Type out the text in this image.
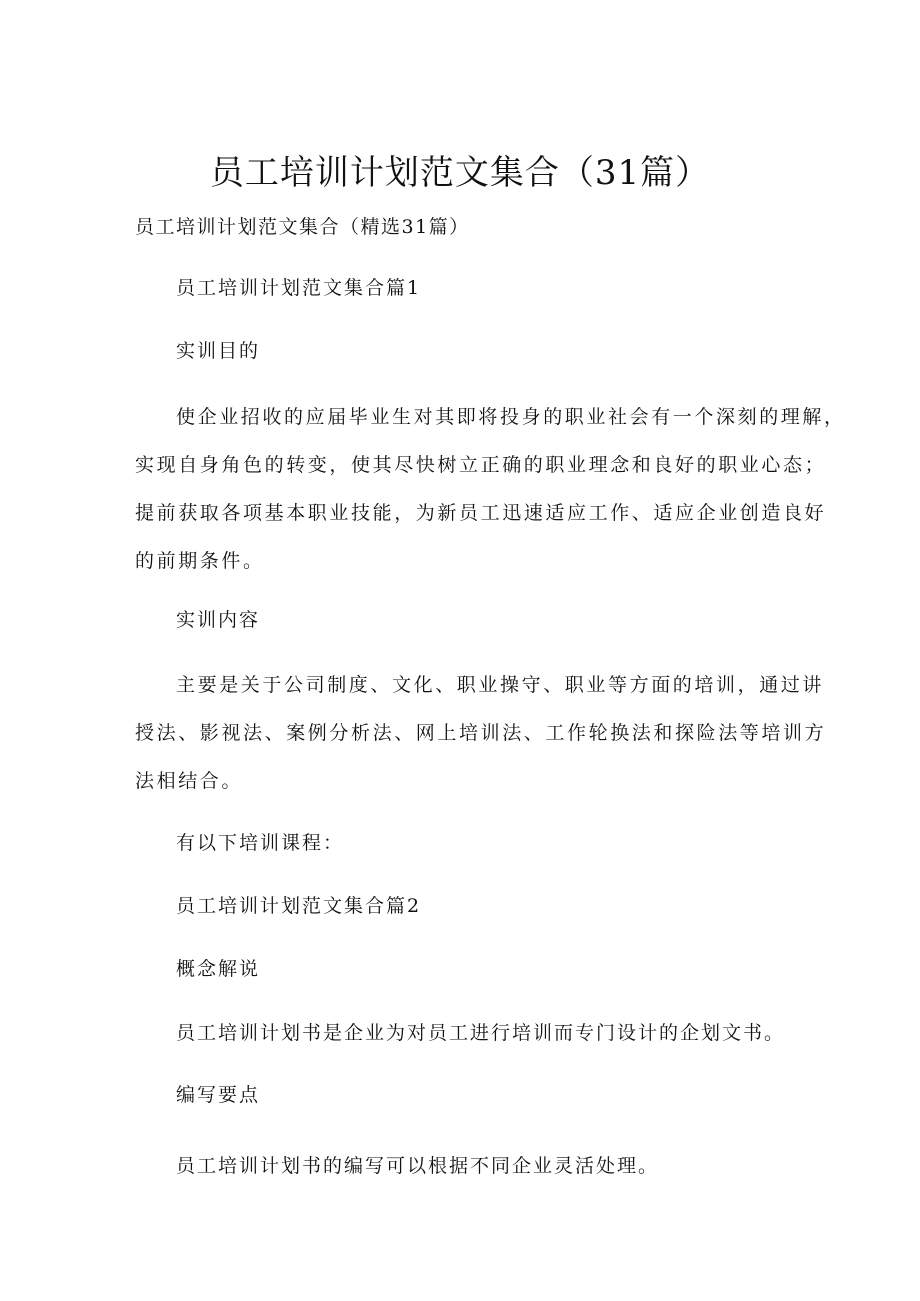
员工培训计划范文集合（31篇）

员工培训计划范文集合（精选31篇）

员工培训计划范文集合篇1

实训目的

使企业招收的应届毕业生对其即将投身的职业社会有一个深刻的理解，
实现自身角色的转变，使其尽快树立正确的职业理念和良好的职业心态；
提前获取各项基本职业技能，为新员工迅速适应工作、适应企业创造良好
的前期条件。

实训内容

主要是关于公司制度、文化、职业操守、职业等方面的培训，通过讲
授法、影视法、案例分析法、网上培训法、工作轮换法和探险法等培训方
法相结合。

有以下培训课程：

员工培训计划范文集合篇2

概念解说

员工培训计划书是企业为对员工进行培训而专门设计的企划文书。

编写要点

员工培训计划书的编写可以根据不同企业灵活处理。
